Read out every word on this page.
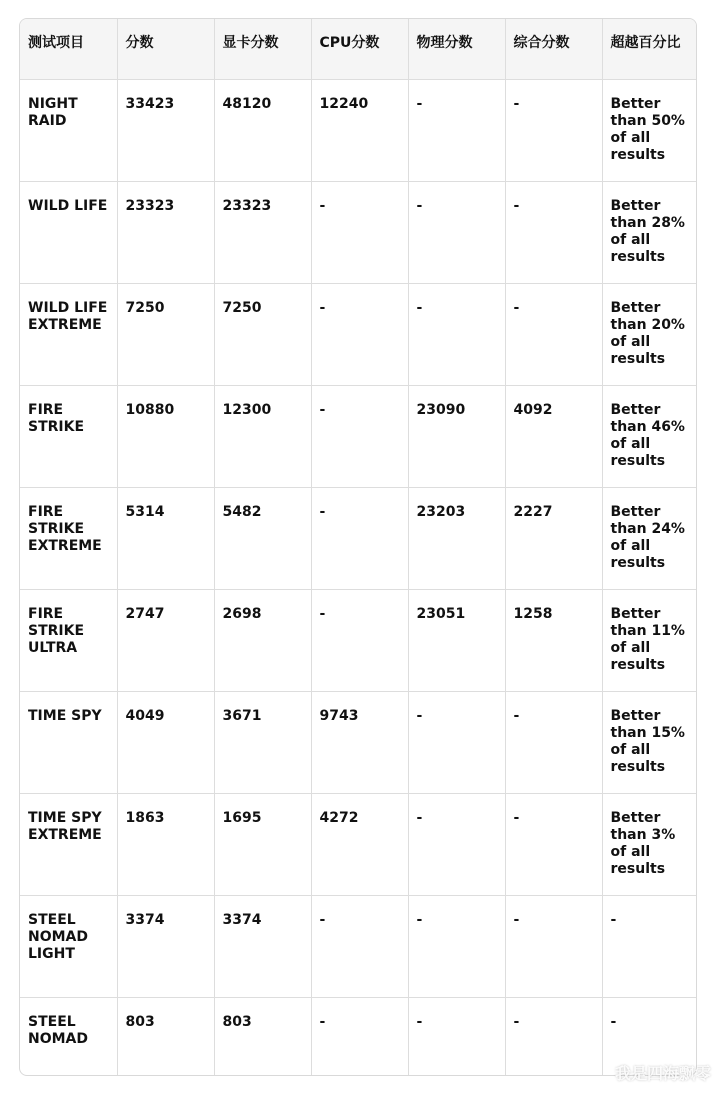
测试项目	分数	显卡分数	CPU分数	物理分数	综合分数	超越百分比
NIGHT RAID	33423	48120	12240	-	-	Better than 50% of all results
WILD LIFE	23323	23323	-	-	-	Better than 28% of all results
WILD LIFE EXTREME	7250	7250	-	-	-	Better than 20% of all results
FIRE STRIKE	10880	12300	-	23090	4092	Better than 46% of all results
FIRE STRIKE EXTREME	5314	5482	-	23203	2227	Better than 24% of all results
FIRE STRIKE ULTRA	2747	2698	-	23051	1258	Better than 11% of all results
TIME SPY	4049	3671	9743	-	-	Better than 15% of all results
TIME SPY EXTREME	1863	1695	4272	-	-	Better than 3% of all results
STEEL NOMAD LIGHT	3374	3374	-	-	-	-
STEEL NOMAD	803	803	-	-	-	-
我是四海飘零
